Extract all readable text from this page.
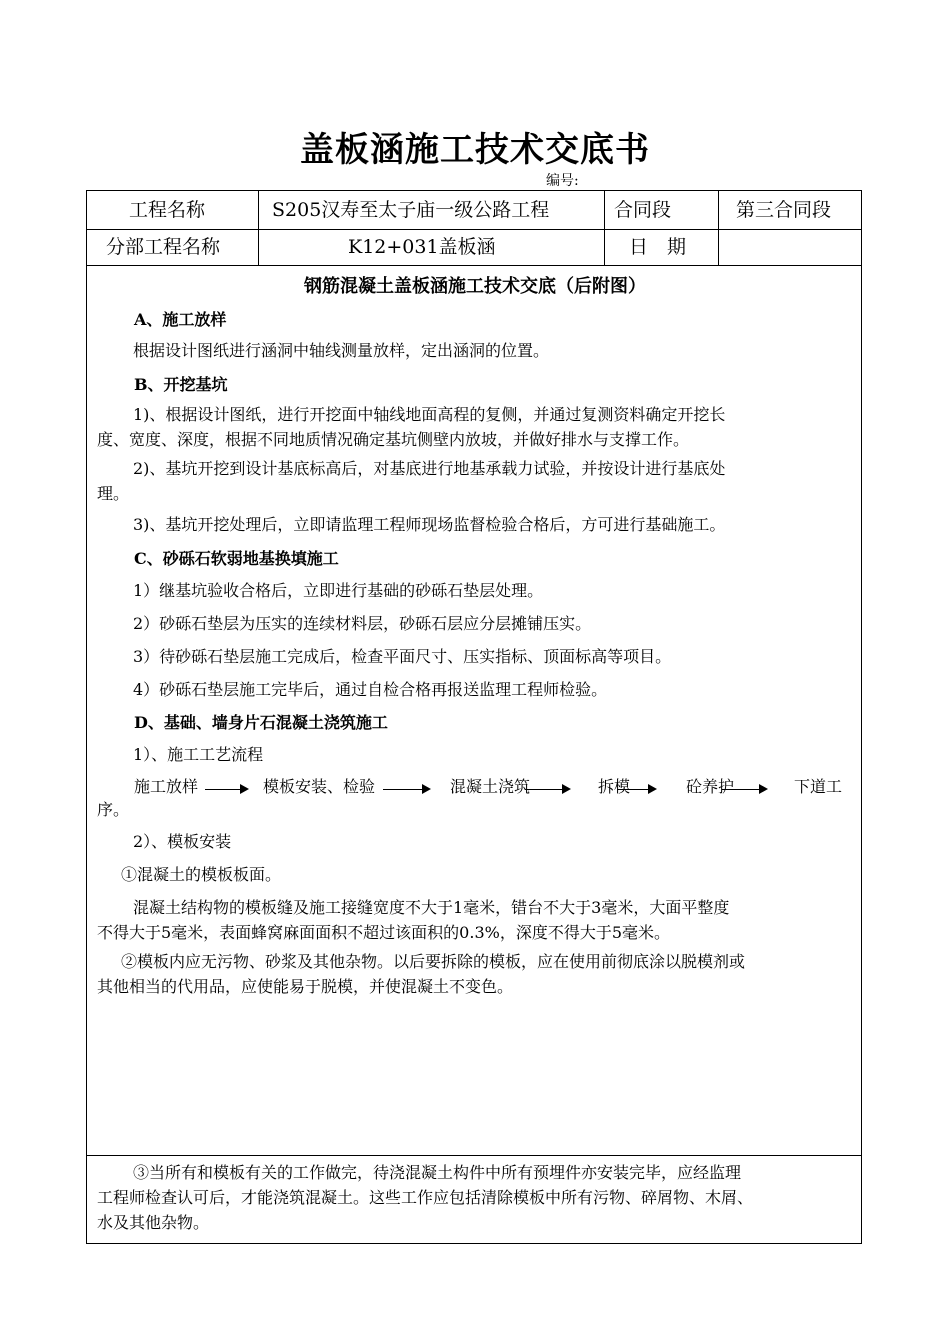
盖板涵施工技术交底书
编号:
工程名称	S205汉寿至太子庙一级公路工程	合同段	第三合同段
分部工程名称	K12+031盖板涵	日　期
钢筋混凝土盖板涵施工技术交底（后附图）
A、施工放样
根据设计图纸进行涵洞中轴线测量放样，定出涵洞的位置。
B、开挖基坑
1)、根据设计图纸，进行开挖面中轴线地面高程的复侧，并通过复测资料确定开挖长
度、宽度、深度，根据不同地质情况确定基坑侧壁内放坡，并做好排水与支撑工作。
2)、基坑开挖到设计基底标高后，对基底进行地基承载力试验，并按设计进行基底处
理。
3)、基坑开挖处理后，立即请监理工程师现场监督检验合格后，方可进行基础施工。
C、砂砾石软弱地基换填施工
1）继基坑验收合格后，立即进行基础的砂砾石垫层处理。
2）砂砾石垫层为压实的连续材料层，砂砾石层应分层摊铺压实。
3）待砂砾石垫层施工完成后，检查平面尺寸、压实指标、顶面标高等项目。
4）砂砾石垫层施工完毕后，通过自检合格再报送监理工程师检验。
D、基础、墙身片石混凝土浇筑施工
1）、施工工艺流程
施工放样	模板安装、检验	混凝土浇筑	拆模	砼养护	下道工
序。
2）、模板安装
①混凝土的模板板面。
混凝土结构物的模板缝及施工接缝宽度不大于1毫米，错台不大于3毫米，大面平整度
不得大于5毫米，表面蜂窝麻面面积不超过该面积的0.3%，深度不得大于5毫米。
②模板内应无污物、砂浆及其他杂物。以后要拆除的模板，应在使用前彻底涂以脱模剂或
其他相当的代用品，应使能易于脱模，并使混凝土不变色。
③当所有和模板有关的工作做完，待浇混凝土构件中所有预埋件亦安装完毕，应经监理
工程师检查认可后，才能浇筑混凝土。这些工作应包括清除模板中所有污物、碎屑物、木屑、
水及其他杂物。
